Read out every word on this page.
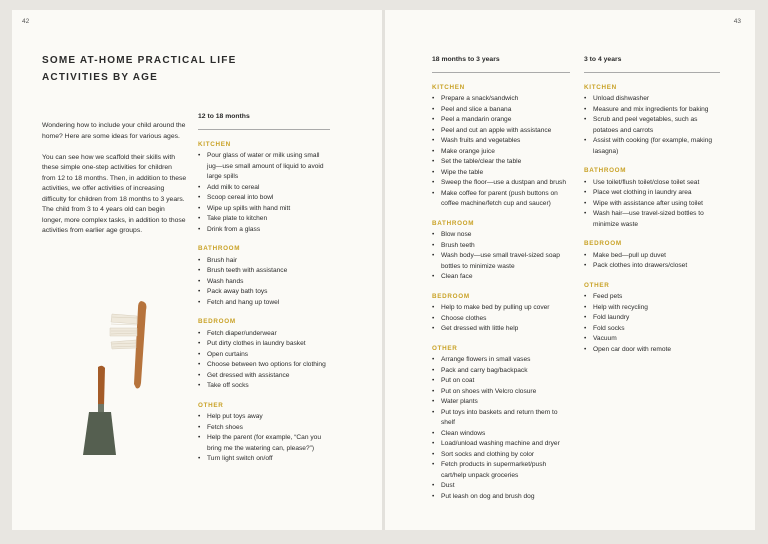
42
SOME AT-HOME PRACTICAL LIFE ACTIVITIES BY AGE

Wondering how to include your child around the home? Here are some ideas for various ages.

You can see how we scaffold their skills with these simple one-step activities for children from 12 to 18 months. Then, in addition to these activities, we offer activities of increasing difficulty for children from 18 months to 3 years. The child from 3 to 4 years old can begin longer, more complex tasks, in addition to those activities from earlier age groups.

12 to 18 months
KITCHEN
• Pour glass of water or milk using small jug—use small amount of liquid to avoid large spills
• Add milk to cereal
• Scoop cereal into bowl
• Wipe up spills with hand mitt
• Take plate to kitchen
• Drink from a glass
BATHROOM
• Brush hair
• Brush teeth with assistance
• Wash hands
• Pack away bath toys
• Fetch and hang up towel
BEDROOM
• Fetch diaper/underwear
• Put dirty clothes in laundry basket
• Open curtains
• Choose between two options for clothing
• Get dressed with assistance
• Take off socks
OTHER
• Help put toys away
• Fetch shoes
• Help the parent (for example, “Can you bring me the watering can, please?”)
• Turn light switch on/off
43
18 months to 3 years
KITCHEN
• Prepare a snack/sandwich
• Peel and slice a banana
• Peel a mandarin orange
• Peel and cut an apple with assistance
• Wash fruits and vegetables
• Make orange juice
• Set the table/clear the table
• Wipe the table
• Sweep the floor—use a dustpan and brush
• Make coffee for parent (push buttons on coffee machine/fetch cup and saucer)
BATHROOM
• Blow nose
• Brush teeth
• Wash body—use small travel-sized soap bottles to minimize waste
• Clean face
BEDROOM
• Help to make bed by pulling up cover
• Choose clothes
• Get dressed with little help
OTHER
• Arrange flowers in small vases
• Pack and carry bag/backpack
• Put on coat
• Put on shoes with Velcro closure
• Water plants
• Put toys into baskets and return them to shelf
• Clean windows
• Load/unload washing machine and dryer
• Sort socks and clothing by color
• Fetch products in supermarket/push cart/help unpack groceries
• Dust
• Put leash on dog and brush dog
3 to 4 years
KITCHEN
• Unload dishwasher
• Measure and mix ingredients for baking
• Scrub and peel vegetables, such as potatoes and carrots
• Assist with cooking (for example, making lasagna)
BATHROOM
• Use toilet/flush toilet/close toilet seat
• Place wet clothing in laundry area
• Wipe with assistance after using toilet
• Wash hair—use travel-sized bottles to minimize waste
BEDROOM
• Make bed—pull up duvet
• Pack clothes into drawers/closet
OTHER
• Feed pets
• Help with recycling
• Fold laundry
• Fold socks
• Vacuum
• Open car door with remote
